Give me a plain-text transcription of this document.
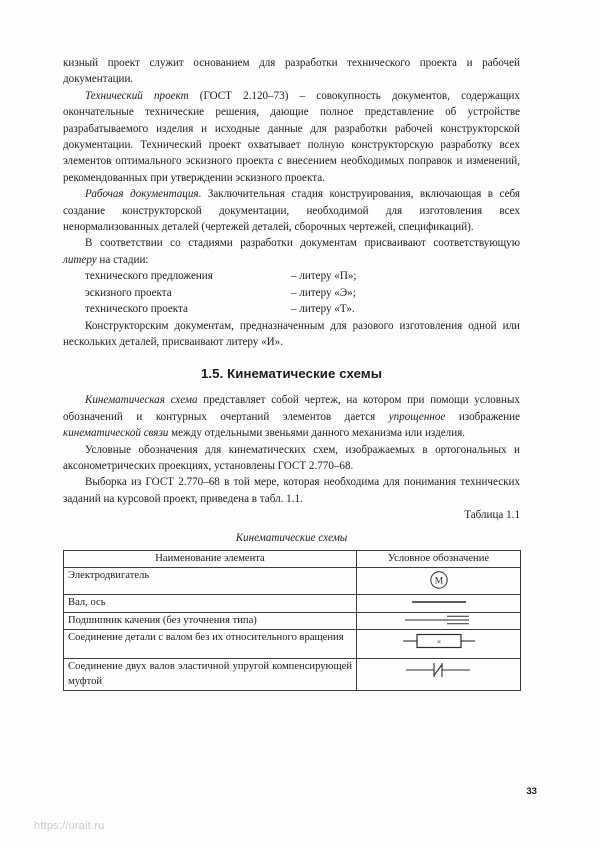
кизный проект служит основанием для разработки технического проекта и рабочей документации.

Технический проект (ГОСТ 2.120–73) – совокупность документов, содержащих окончательные технические решения, дающие полное представление об устройстве разрабатываемого изделия и исходные данные для разработки рабочей конструкторской документации. Технический проект охватывает полную конструкторскую разработку всех элементов оптимального эскизного проекта с внесением необходимых поправок и изменений, рекомендованных при утверждении эскизного проекта.

Рабочая документация. Заключительная стадия конструирования, включающая в себя создание конструкторской документации, необходимой для изготовления всех ненормализованных деталей (чертежей деталей, сборочных чертежей, спецификаций).

В соответствии со стадиями разработки документам присваивают соответствующую литеру на стадии:

технического предложения	– литеру «П»;
эскизного проекта	– литеру «Э»;
технического проекта	– литеру «Т».

Конструкторским документам, предназначенным для разового изготовления одной или нескольких деталей, присваивают литеру «И».

1.5. Кинематические схемы

Кинематическая схема представляет собой чертеж, на котором при помощи условных обозначений и контурных очертаний элементов дается упрощенное изображение кинематической связи между отдельными звеньями данного механизма или изделия.

Условные обозначения для кинематических схем, изображаемых в ортогональных и аксонометрических проекциях, установлены ГОСТ 2.770–68.

Выборка из ГОСТ 2.770–68 в той мере, которая необходима для понимания технических заданий на курсовой проект, приведена в табл. 1.1.

Таблица 1.1
Кинематические схемы
Наименование элемента	Условное обозначение
Электродвигатель	М

Вал, ось	

Подшипник качения (без уточнения типа)	

Соединение детали с валом без их относительного вращения	×

Соединение двух валов эластичной упругой компенсирующей муфтой	
33
https://urait.ru
